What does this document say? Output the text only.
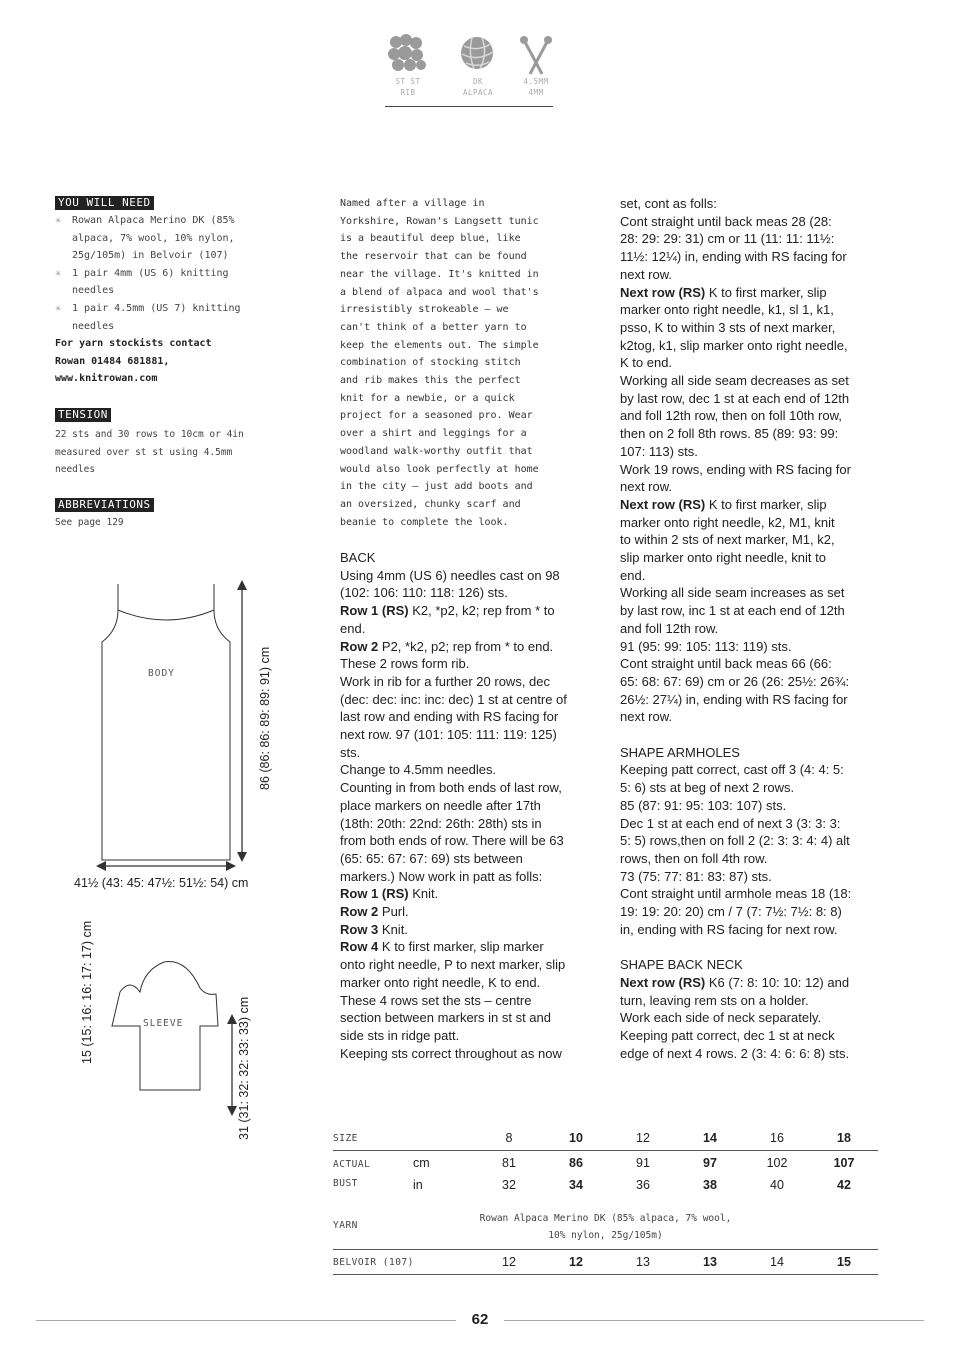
ST ST
RIB
DK
ALPACA
4.5MM
4MM
YOU WILL NEED
✳ Rowan Alpaca Merino DK (85%
alpaca, 7% wool, 10% nylon,
25g/105m) in Belvoir (107)
✳ 1 pair 4mm (US 6) knitting
needles
✳ 1 pair 4.5mm (US 7) knitting
needles
For yarn stockists contact
Rowan 01484 681881,
www.knitrowan.com
TENSION
22 sts and 30 rows to 10cm or 4in
measured over st st using 4.5mm
needles
ABBREVIATIONS
See page 129
BODY
41½ (43: 45: 47½: 51½: 54) cm
86 (86: 86: 89: 89: 91) cm
15 (15: 16: 16: 17: 17) cm	SLEEVE	31 (31: 32: 32: 33: 33) cm
Named after a village in
Yorkshire, Rowan's Langsett tunic
is a beautiful deep blue, like
the reservoir that can be found
near the village. It's knitted in
a blend of alpaca and wool that's
irresistibly strokeable – we
can't think of a better yarn to
keep the elements out. The simple
combination of stocking stitch
and rib makes this the perfect
knit for a newbie, or a quick
project for a seasoned pro. Wear
over a shirt and leggings for a
woodland walk-worthy outfit that
would also look perfectly at home
in the city – just add boots and
an oversized, chunky scarf and
beanie to complete the look.

BACK

Using 4mm (US 6) needles cast on 98
(102: 106: 110: 118: 126) sts.
Row 1 (RS) K2, *p2, k2; rep from * to
end.
Row 2 P2, *k2, p2; rep from * to end.
These 2 rows form rib.
Work in rib for a further 20 rows, dec
(dec: dec: inc: inc: dec) 1 st at centre of
last row and ending with RS facing for
next row. 97 (101: 105: 111: 119: 125)
sts.
Change to 4.5mm needles.
Counting in from both ends of last row,
place markers on needle after 17th
(18th: 20th: 22nd: 26th: 28th) sts in
from both ends of row. There will be 63
(65: 65: 67: 67: 69) sts between
markers.) Now work in patt as folls:
Row 1 (RS) Knit.
Row 2 Purl.
Row 3 Knit.
Row 4 K to first marker, slip marker
onto right needle, P to next marker, slip
marker onto right needle, K to end.
These 4 rows set the sts – centre
section between markers in st st and
side sts in ridge patt.
Keeping sts correct throughout as now
set, cont as folls:
Cont straight until back meas 28 (28:
28: 29: 29: 31) cm or 11 (11: 11: 11½:
11½: 12¼) in, ending with RS facing for
next row.
Next row (RS) K to first marker, slip
marker onto right needle, k1, sl 1, k1,
psso, K to within 3 sts of next marker,
k2tog, k1, slip marker onto right needle,
K to end.
Working all side seam decreases as set
by last row, dec 1 st at each end of 12th
and foll 12th row, then on foll 10th row,
then on 2 foll 8th rows. 85 (89: 93: 99:
107: 113) sts.
Work 19 rows, ending with RS facing for
next row.
Next row (RS) K to first marker, slip
marker onto right needle, k2, M1, knit
to within 2 sts of next marker, M1, k2,
slip marker onto right needle, knit to
end.
Working all side seam increases as set
by last row, inc 1 st at each end of 12th
and foll 12th row.
91 (95: 99: 105: 113: 119) sts.
Cont straight until back meas 66 (66:
65: 68: 67: 69) cm or 26 (26: 25½: 26¾:
26½: 27¼) in, ending with RS facing for
next row.

SHAPE ARMHOLES

Keeping patt correct, cast off 3 (4: 4: 5:
5: 6) sts at beg of next 2 rows.
85 (87: 91: 95: 103: 107) sts.
Dec 1 st at each end of next 3 (3: 3: 3:
5: 5) rows,then on foll 2 (2: 3: 3: 4: 4) alt
rows, then on foll 4th row.
73 (75: 77: 81: 83: 87) sts.
Cont straight until armhole meas 18 (18:
19: 19: 20: 20) cm / 7 (7: 7½: 7½: 8: 8)
in, ending with RS facing for next row.

SHAPE BACK NECK

Next row (RS) K6 (7: 8: 10: 10: 12) and
turn, leaving rem sts on a holder.
Work each side of neck separately.
Keeping patt correct, dec 1 st at neck
edge of next 4 rows. 2 (3: 4: 6: 6: 8) sts.
SIZE	8	10	12	14	16	18
ACTUAL	cm	81	86	91	97	102	107
BUST	in	32	34	36	38	40	42
YARN
Rowan Alpaca Merino DK (85% alpaca, 7% wool,
10% nylon, 25g/105m)
BELVOIR (107)	12	12	13	13	14	15
62
